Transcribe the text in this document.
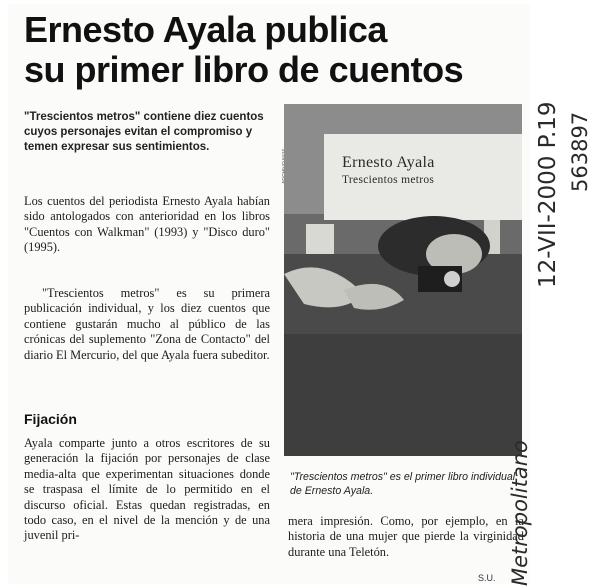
Ernesto Ayala publica
su primer libro de cuentos

"Trescientos metros" contiene diez cuentos cuyos personajes evitan el compromiso y temen expresar sus sentimientos.

Los cuentos del periodista Ernesto Ayala habían sido antologados con anterioridad en los libros "Cuentos con Walkman" (1993) y "Disco duro" (1995).

"Trescientos metros" es su primera publicación individual, y los diez cuentos que contiene gustarán mucho al público de las crónicas del suplemento "Zona de Contacto" del diario El Mercurio, del que Ayala fuera subeditor.

Fijación

Ayala comparte junto a otros escritores de su generación la fijación por personajes de clase media-alta que experimentan situaciones donde se traspasa el límite de lo permitido en el discurso oficial. Estas quedan registradas, en todo caso, en el nivel de la mención y de una juvenil pri-

Ernesto Ayala

Trescientos metros

"Trescientos metros" es el primer libro individual de Ernesto Ayala.

mera impresión. Como, por ejemplo, en la historia de una mujer que pierde la virginidad durante una Teletón.

S.U. Metropolitano

12-VII-2000 P.19 563897
